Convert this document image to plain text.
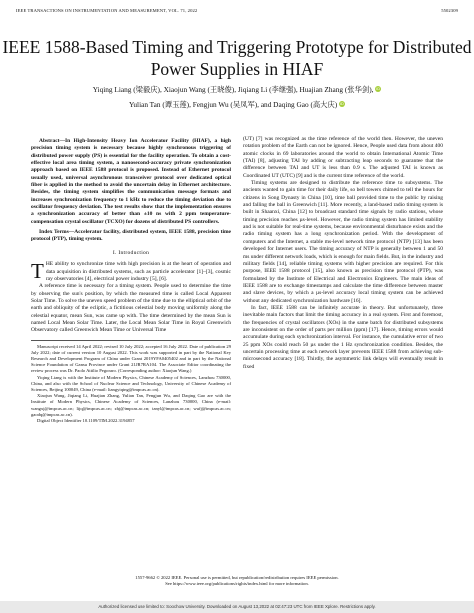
IEEE TRANSACTIONS ON INSTRUMENTATION AND MEASUREMENT, VOL. 71, 2022	5502309
IEEE 1588-Based Timing and Triggering Prototype for Distributed Power Supplies in HIAF
Yiqing Liang (梁毅庆), Xiaojun Wang (王晓俊), Jiqiang Li (李继强), Huajian Zhang (张华剑), iD
Yulian Tan (谭玉莲), Fengjun Wu (吴凤军), and Daqing Gao (高大庆) iD

Abstract—In High-Intensity Heavy Ion Accelerator Facility (HIAF), a high precision timing system is necessary because highly synchronous triggering of distributed power supply (PS) is essential for the facility operation. To obtain a cost-effective local area timing system, a nanosecond-accuracy private synchronization approach based on IEEE 1588 protocol is proposed. Instead of Ethernet protocol usually used, universal asynchronous transceiver protocol over dedicated optical fiber is applied in the method to avoid the uncertain delay in Ethernet architecture. Besides, the timing system simplifies the communication message formats and increases synchronization frequency to 1 kHz to reduce the timing deviation due to oscillator frequency deviation. The test results show that the implementation ensures a synchronization accuracy of better than ±10 ns with 2 ppm temperature-compensation crystal oscillator (TCXO) for dozens of distributed PS controllers.

Index Terms—Accelerator facility, distributed system, IEEE 1588, precision time protocol (PTP), timing system.

I. Introduction

T HE ability to synchronize time with high precision is at the heart of operation and data acquisition in distributed systems, such as particle accelerator [1]–[3], cosmic ray observatories [4], electrical power industry [5], [6].

A reference time is necessary for a timing system. People used to determine the time by observing the sun's position, by which the measured time is called Local Apparent Solar Time. To solve the uneven speed problem of the time due to the elliptical orbit of the earth and obliquity of the ecliptic, a fictitious celestial body moving uniformly along the celestial equator, mean Sun, was came up with. The time determined by the mean Sun is named Local Mean Solar Time. Later, the Local Mean Solar Time in Royal Greenwich Observatory called Greenwich Mean Time or Universal Time

Manuscript received 14 April 2022; revised 10 July 2022; accepted 16 July 2022. Date of publication 29 July 2022; date of current version 10 August 2022. This work was supported in part by the National Key Research and Development Program of China under Grant 2019YFA0405402 and in part by the National Science Foundation of Gansu Province under Grant 21JR7RA104. The Associate Editor coordinating the review process was Dr. Paolo Attilio Pegoraro. (Corresponding author: Xiaojun Wang.)

Yiqing Liang is with the Institute of Modern Physics, Chinese Academy of Sciences, Lanzhou 730000, China, and also with the School of Nuclear Science and Technology, University of Chinese Academy of Sciences, Beijing 100049, China (e-mail: liangyiqing@impcas.ac.cn).

Xiaojun Wang, Jiqiang Li, Huajian Zhang, Yulian Tan, Fengjun Wu, and Daqing Gao are with the Institute of Modern Physics, Chinese Academy of Sciences, Lanzhou 730000, China (e-mail: wangxj@impcas.ac.cn; lijq@impcas.ac.cn; zhj@impcas.ac.cn; tanyl@impcas.ac.cn; wufj@impcas.ac.cn; gaodq@impcas.ac.cn).

Digital Object Identifier 10.1109/TIM.2022.3194857

(UT) [7] was recognized as the time reference of the world then. However, the uneven rotation problem of the Earth can not be ignored. Hence, People used data from about 400 atomic clocks in 69 laboratories around the world to obtain International Atomic Time (TAI) [8], adjusting TAI by adding or subtracting leap seconds to guarantee that the difference between TAI and UT is less than 0.9 s. The adjusted TAI is known as Coordinated UT (UTC) [9] and is the current time reference of the world.

Timing systems are designed to distribute the reference time to subsystems. The ancients wanted to gain time for their daily life, so bell towers chimed to tell the hours for citizens in Song Dynasty in China [10], time ball provided time to the public by raising and falling the ball in Greenwich [11]. More recently, a land-based radio timing system is built in Shaanxi, China [12] to broadcast standard time signals by radio stations, whose timing precision reaches µs-level. However, the radio timing system has limited stability and is not suitable for real-time systems, because environmental disturbance exists and the radio timing system has a long synchronization period. With the development of computers and the Internet, a stable ms-level network time protocol (NTP) [13] has been developed for Internet users. The timing accuracy of NTP is generally between 1 and 50 ms under different network loads, which is enough for main fields. But, in the industry and military fields [14], reliable timing systems with higher precision are required. For this purpose, IEEE 1588 protocol [15], also known as precision time protocol (PTP), was formulated by the Institute of Electrical and Electronics Engineers. The main ideas of IEEE 1588 are to exchange timestamps and calculate the time difference between master and slave devices, by which a µs-level accuracy local timing system can be achieved without any dedicated synchronization hardware [16].

In fact, IEEE 1588 can be infinitely accurate in theory. But unfortunately, three inevitable main factors that limit the timing accuracy in a real system. First and foremost, the frequencies of crystal oscillators (XOs) in the same batch for distributed subsystems are inconsistent on the order of parts per million (ppm) [17]. Hence, timing errors would accumulate during each synchronization interval. For instance, the cumulative error of two 25 ppm XOs could reach 50 µs under the 1 Hz synchronization condition. Besides, the uncertain processing time at each network layer prevents IEEE 1588 from achieving sub-microsecond accuracy [18]. Thirdly, the asymmetric link delays will eventually result in fixed

1557-9662 © 2022 IEEE. Personal use is permitted, but republication/redistribution requires IEEE permission.
See https://www.ieee.org/publications/rights/index.html for more information.
Authorized licensed use limited to: Soochow University. Downloaded on August 13,2022 at 02:47:23 UTC from IEEE Xplore. Restrictions apply.
